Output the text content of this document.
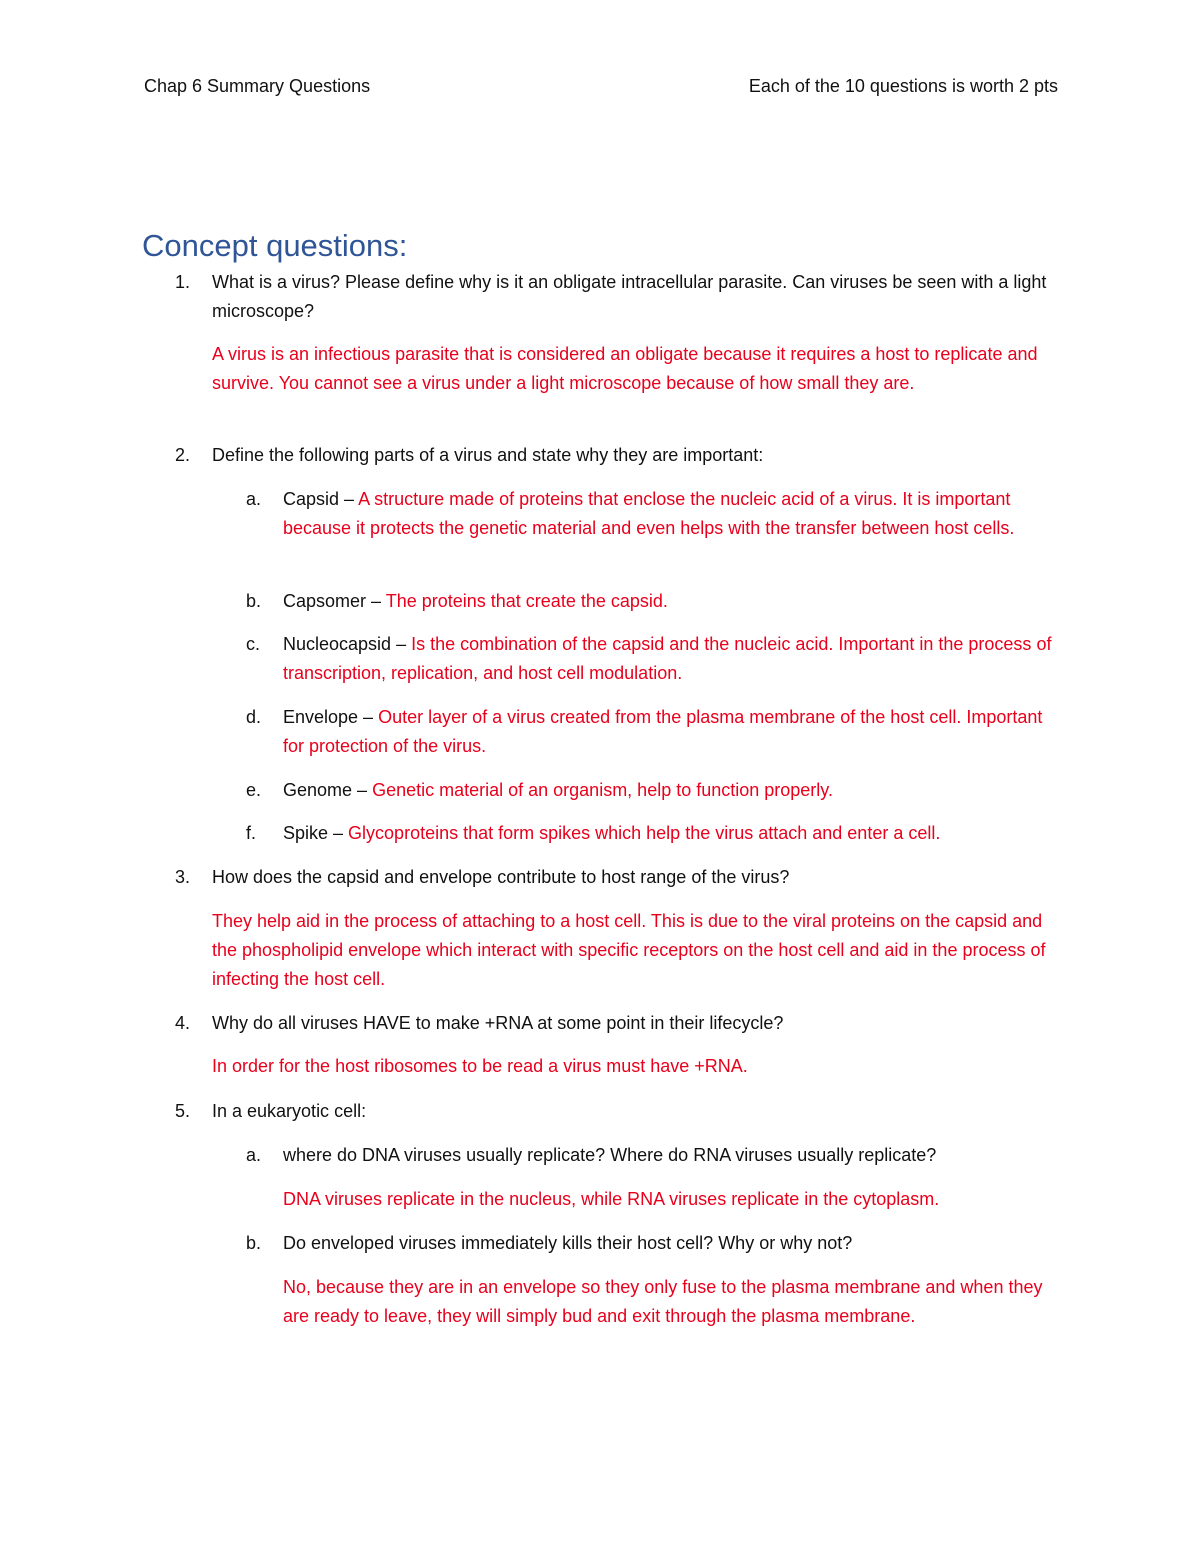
Chap 6 Summary Questions	Each of the 10 questions is worth 2 pts
Concept questions:
1. What is a virus? Please define why is it an obligate intracellular parasite. Can viruses be seen with a light microscope?
A virus is an infectious parasite that is considered an obligate because it requires a host to replicate and survive. You cannot see a virus under a light microscope because of how small they are.
2. Define the following parts of a virus and state why they are important:
a. Capsid – A structure made of proteins that enclose the nucleic acid of a virus. It is important because it protects the genetic material and even helps with the transfer between host cells.
b. Capsomer – The proteins that create the capsid.
c. Nucleocapsid – Is the combination of the capsid and the nucleic acid. Important in the process of transcription, replication, and host cell modulation.
d. Envelope – Outer layer of a virus created from the plasma membrane of the host cell. Important for protection of the virus.
e. Genome – Genetic material of an organism, help to function properly.
f. Spike – Glycoproteins that form spikes which help the virus attach and enter a cell.
3. How does the capsid and envelope contribute to host range of the virus?
They help aid in the process of attaching to a host cell. This is due to the viral proteins on the capsid and the phospholipid envelope which interact with specific receptors on the host cell and aid in the process of infecting the host cell.
4. Why do all viruses HAVE to make +RNA at some point in their lifecycle?
In order for the host ribosomes to be read a virus must have +RNA.
5. In a eukaryotic cell:
a. where do DNA viruses usually replicate? Where do RNA viruses usually replicate?
DNA viruses replicate in the nucleus, while RNA viruses replicate in the cytoplasm.
b. Do enveloped viruses immediately kills their host cell? Why or why not?
No, because they are in an envelope so they only fuse to the plasma membrane and when they are ready to leave, they will simply bud and exit through the plasma membrane.
